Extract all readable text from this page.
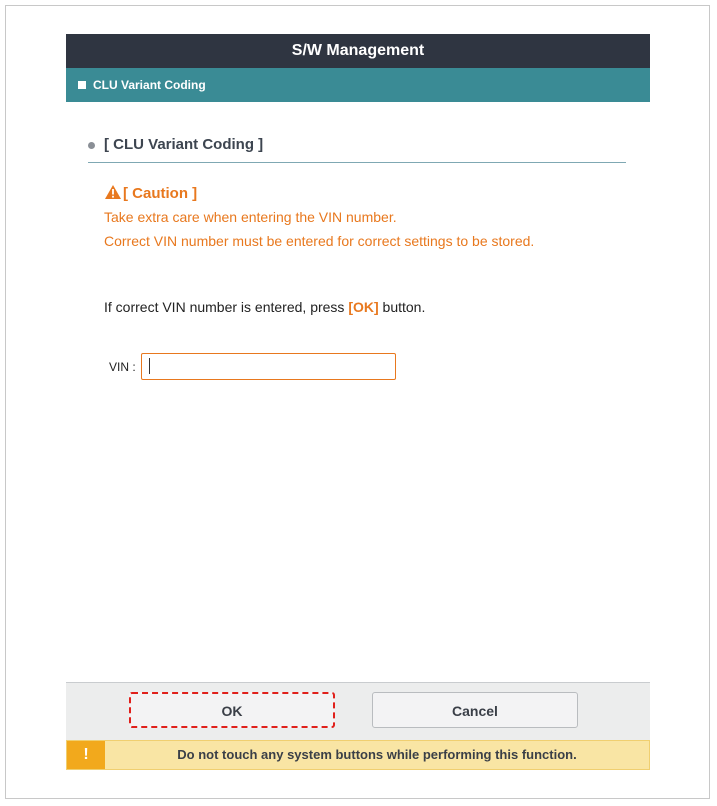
S/W Management
CLU Variant Coding
[ CLU Variant Coding ]
[ Caution ]
Take extra care when entering the VIN number.
Correct VIN number must be entered for correct settings to be stored.
If correct VIN number is entered, press [OK] button.
VIN :
OK	Cancel
!	Do not touch any system buttons while performing this function.
